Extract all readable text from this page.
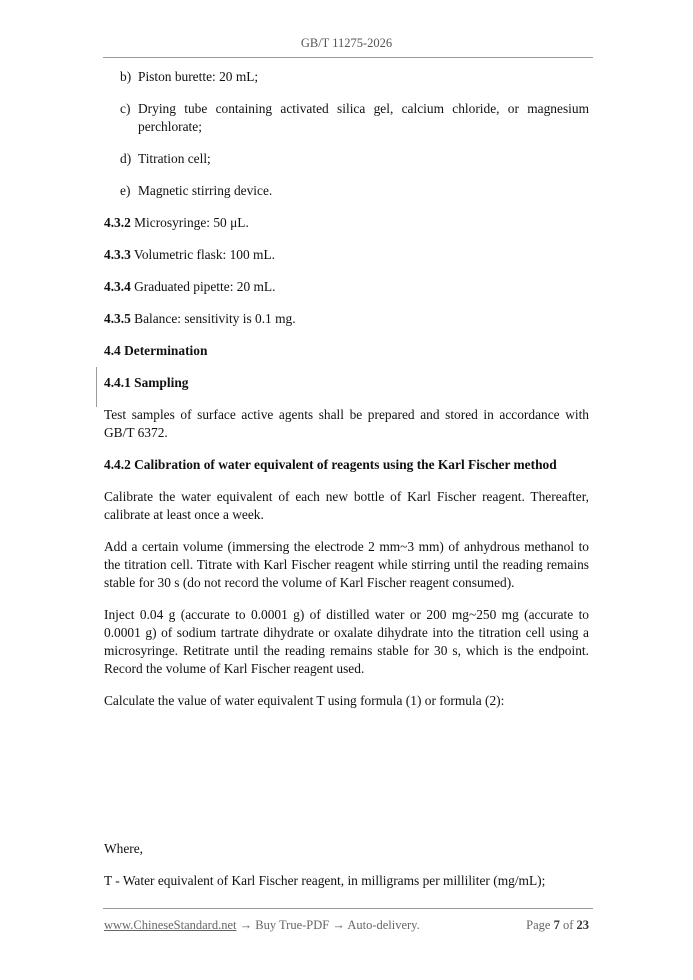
GB/T 11275-2026
b) Piston burette: 20 mL;
c) Drying tube containing activated silica gel, calcium chloride, or magnesium perchlorate;
d) Titration cell;
e) Magnetic stirring device.

4.3.2 Microsyringe: 50 μL.

4.3.3 Volumetric flask: 100 mL.

4.3.4 Graduated pipette: 20 mL.

4.3.5 Balance: sensitivity is 0.1 mg.

4.4 Determination

4.4.1 Sampling

Test samples of surface active agents shall be prepared and stored in accordance with GB/T 6372.

4.4.2 Calibration of water equivalent of reagents using the Karl Fischer method

Calibrate the water equivalent of each new bottle of Karl Fischer reagent. Thereafter, calibrate at least once a week.

Add a certain volume (immersing the electrode 2 mm~3 mm) of anhydrous methanol to the titration cell. Titrate with Karl Fischer reagent while stirring until the reading remains stable for 30 s (do not record the volume of Karl Fischer reagent consumed).

Inject 0.04 g (accurate to 0.0001 g) of distilled water or 200 mg~250 mg (accurate to 0.0001 g) of sodium tartrate dihydrate or oxalate dihydrate into the titration cell using a microsyringe. Retitrate until the reading remains stable for 30 s, which is the endpoint. Record the volume of Karl Fischer reagent used.

Calculate the value of water equivalent T using formula (1) or formula (2):

Where,

T - Water equivalent of Karl Fischer reagent, in milligrams per milliliter (mg/mL);

www.ChineseStandard.net → Buy True-PDF → Auto-delivery.	Page 7 of 23
